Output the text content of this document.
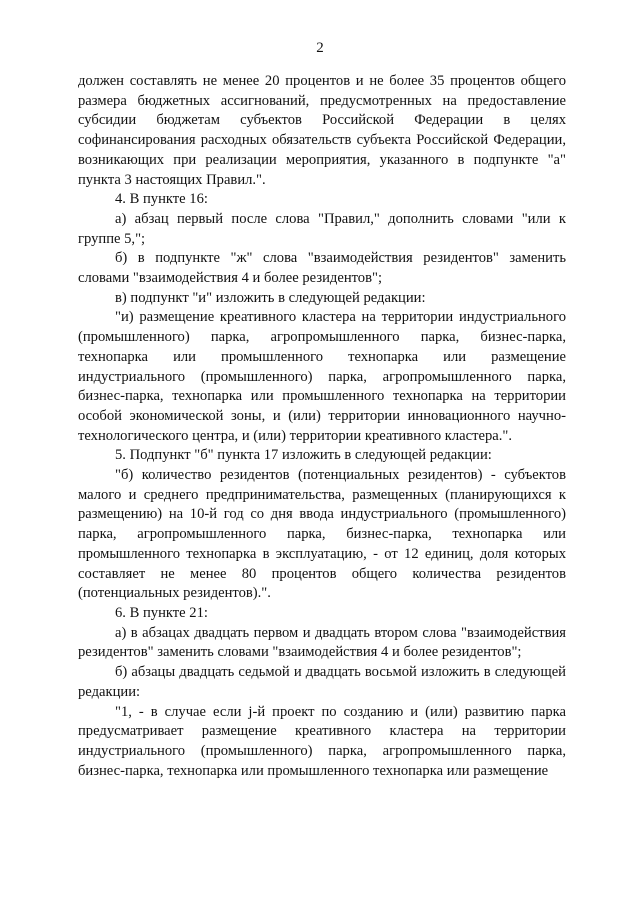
2

должен составлять не менее 20 процентов и не более 35 процентов общего размера бюджетных ассигнований, предусмотренных на предоставление субсидии бюджетам субъектов Российской Федерации в целях софинансирования расходных обязательств субъекта Российской Федерации, возникающих при реализации мероприятия, указанного в подпункте "а" пункта 3 настоящих Правил.".

4. В пункте 16:

а) абзац первый после слова "Правил," дополнить словами "или к группе 5,";

б) в подпункте "ж" слова "взаимодействия резидентов" заменить словами "взаимодействия 4 и более резидентов";

в) подпункт "и" изложить в следующей редакции:

"и) размещение креативного кластера на территории индустриального (промышленного) парка, агропромышленного парка, бизнес-парка, технопарка или промышленного технопарка или размещение индустриального (промышленного) парка, агропромышленного парка, бизнес-парка, технопарка или промышленного технопарка на территории особой экономической зоны, и (или) территории инновационного научно-технологического центра, и (или) территории креативного кластера.".

5. Подпункт "б" пункта 17 изложить в следующей редакции:

"б) количество резидентов (потенциальных резидентов) - субъектов малого и среднего предпринимательства, размещенных (планирующихся к размещению) на 10-й год со дня ввода индустриального (промышленного) парка, агропромышленного парка, бизнес-парка, технопарка или промышленного технопарка в эксплуатацию, - от 12 единиц, доля которых составляет не менее 80 процентов общего количества резидентов (потенциальных резидентов).".

6. В пункте 21:

а) в абзацах двадцать первом и двадцать втором слова "взаимодействия резидентов" заменить словами "взаимодействия 4 и более резидентов";

б) абзацы двадцать седьмой и двадцать восьмой изложить в следующей редакции:

"1, - в случае если j-й проект по созданию и (или) развитию парка предусматривает размещение креативного кластера на территории индустриального (промышленного) парка, агропромышленного парка, бизнес-парка, технопарка или промышленного технопарка или размещение
